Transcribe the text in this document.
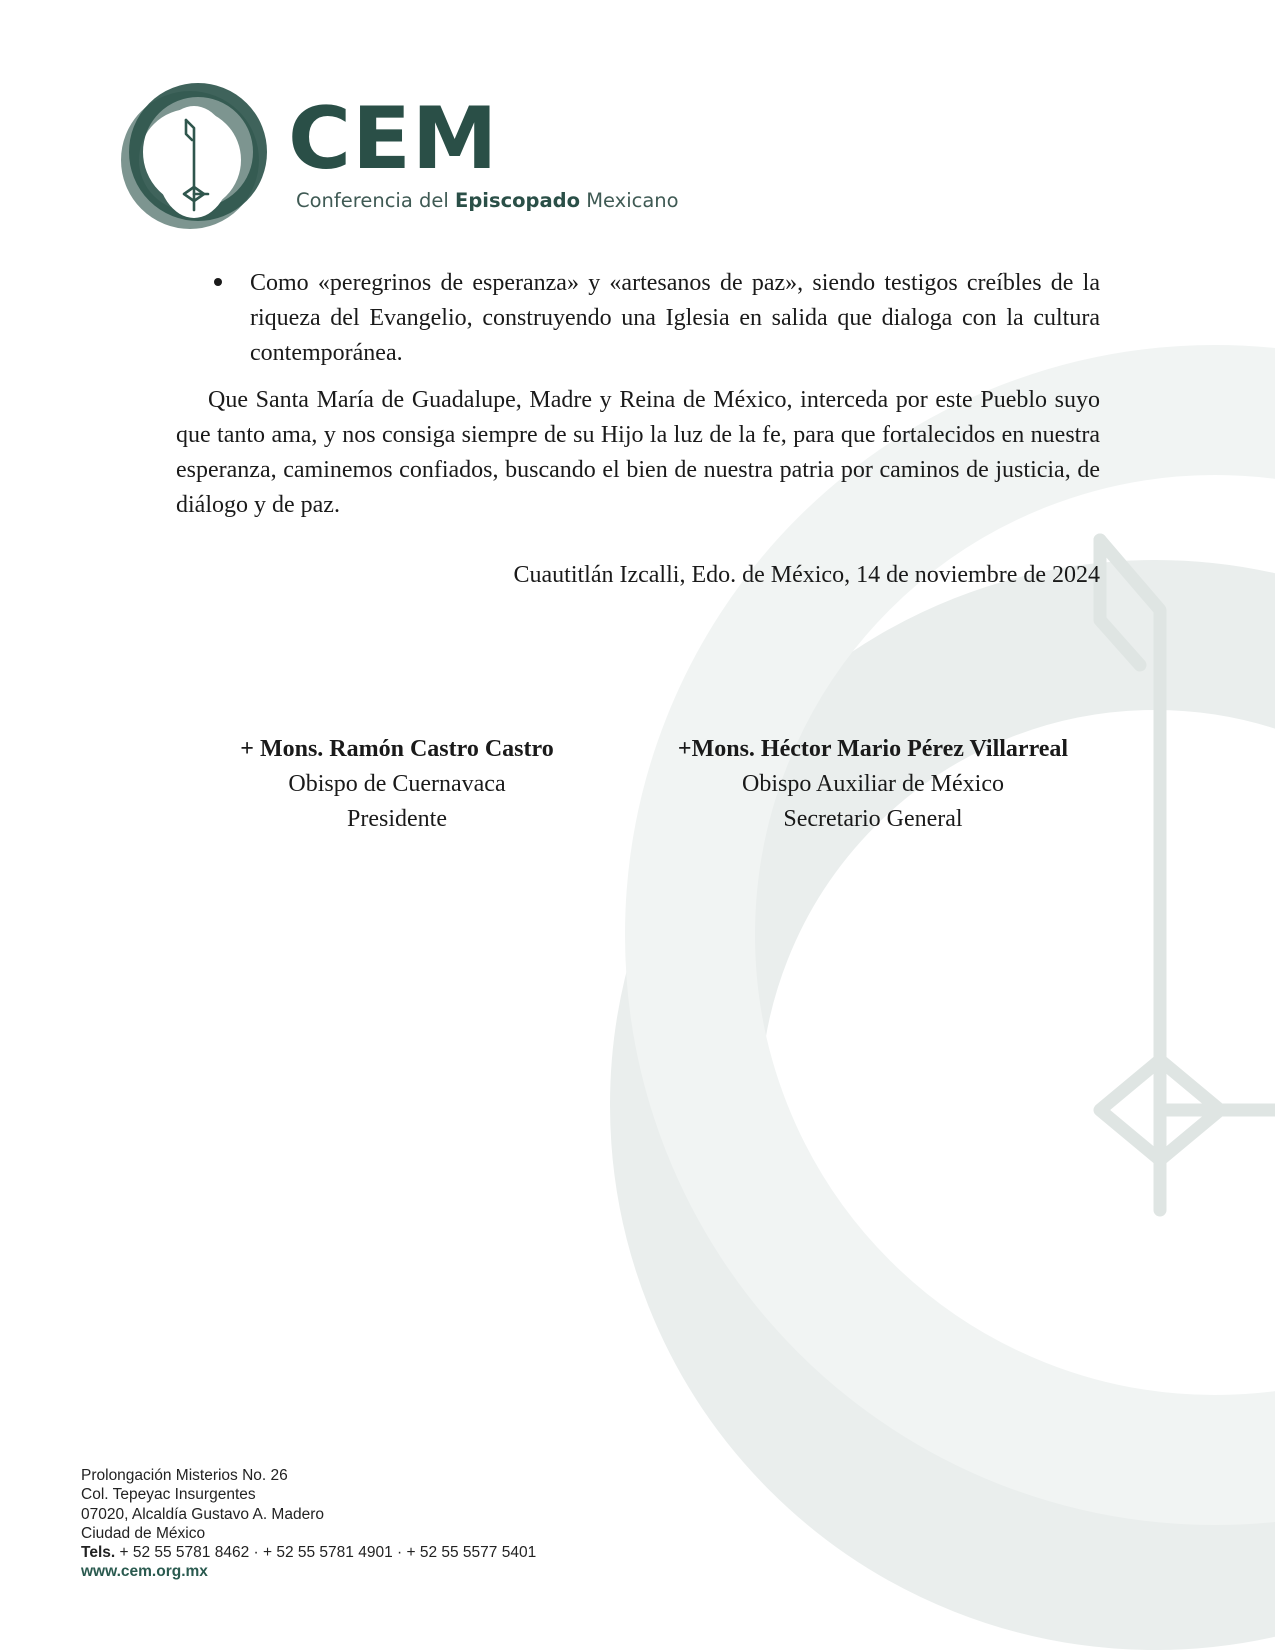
CEM
Conferencia del Episcopado Mexicano
Como «peregrinos de esperanza» y «artesanos de paz», siendo testigos creíbles de la riqueza del Evangelio, construyendo una Iglesia en salida que dialoga con la cultura contemporánea.
Que Santa María de Guadalupe, Madre y Reina de México, interceda por este Pueblo suyo que tanto ama, y nos consiga siempre de su Hijo la luz de la fe, para que fortalecidos en nuestra esperanza, caminemos confiados, buscando el bien de nuestra patria por caminos de justicia, de diálogo y de paz.
Cuautitlán Izcalli, Edo. de México, 14 de noviembre de 2024
+ Mons. Ramón Castro Castro
Obispo de Cuernavaca
Presidente
+Mons. Héctor Mario Pérez Villarreal
Obispo Auxiliar de México
Secretario General
Prolongación Misterios No. 26
Col. Tepeyac Insurgentes
07020, Alcaldía Gustavo A. Madero
Ciudad de México
Tels. + 52 55 5781 8462 · + 52 55 5781 4901 · + 52 55 5577 5401
www.cem.org.mx
